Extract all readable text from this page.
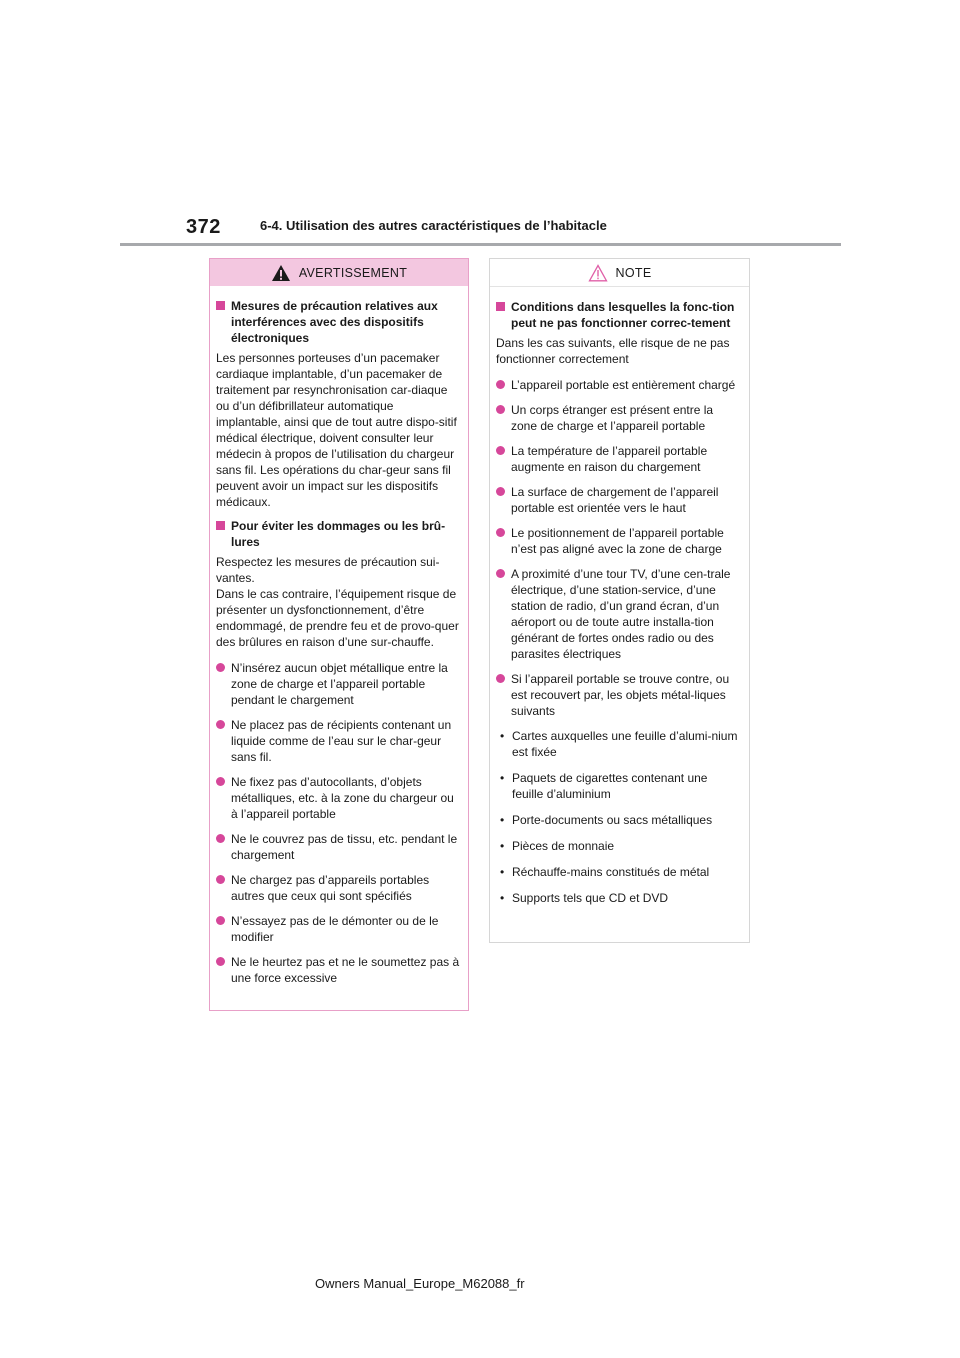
372	6-4. Utilisation des autres caractéristiques de l’habitacle
AVERTISSEMENT
Mesures de précaution relatives aux interférences avec des dispositifs électroniques

Les personnes porteuses d’un pacemaker cardiaque implantable, d’un pacemaker de traitement par resynchronisation car-diaque ou d’un défibrillateur automatique implantable, ainsi que de tout autre dispo-sitif médical électrique, doivent consulter leur médecin à propos de l’utilisation du chargeur sans fil. Les opérations du char-geur sans fil peuvent avoir un impact sur les dispositifs médicaux.

Pour éviter les dommages ou les brû-lures

Respectez les mesures de précaution sui-vantes.

Dans le cas contraire, l’équipement risque de présenter un dysfonctionnement, d’être endommagé, de prendre feu et de provo-quer des brûlures en raison d’une sur-chauffe.

N’insérez aucun objet métallique entre la zone de charge et l’appareil portable pendant le chargement
Ne placez pas de récipients contenant un liquide comme de l’eau sur le char-geur sans fil.
Ne fixez pas d’autocollants, d’objets métalliques, etc. à la zone du chargeur ou à l’appareil portable
Ne le couvrez pas de tissu, etc. pendant le chargement
Ne chargez pas d’appareils portables autres que ceux qui sont spécifiés
N’essayez pas de le démonter ou de le modifier
Ne le heurtez pas et ne le soumettez pas à une force excessive
NOTE
Conditions dans lesquelles la fonc-tion peut ne pas fonctionner correc-tement

Dans les cas suivants, elle risque de ne pas fonctionner correctement

L’appareil portable est entièrement chargé
Un corps étranger est présent entre la zone de charge et l’appareil portable
La température de l’appareil portable augmente en raison du chargement
La surface de chargement de l’appareil portable est orientée vers le haut
Le positionnement de l’appareil portable n’est pas aligné avec la zone de charge
A proximité d’une tour TV, d’une cen-trale électrique, d’une station-service, d’une station de radio, d’un grand écran, d’un aéroport ou de toute autre installa-tion générant de fortes ondes radio ou des parasites électriques
Si l’appareil portable se trouve contre, ou est recouvert par, les objets métal-liques suivants
• Cartes auxquelles une feuille d’alumi-nium est fixée
• Paquets de cigarettes contenant une feuille d’aluminium
• Porte-documents ou sacs métalliques
• Pièces de monnaie
• Réchauffe-mains constitués de métal
• Supports tels que CD et DVD
Owners Manual_Europe_M62088_fr
